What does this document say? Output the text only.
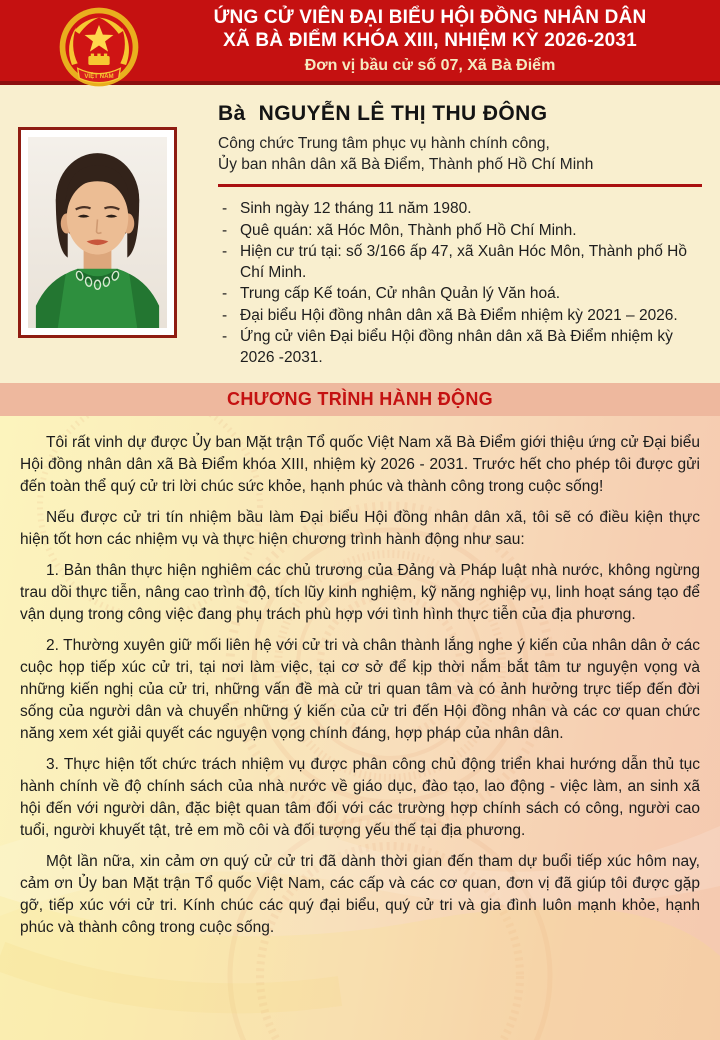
VIỆT NAM
ỨNG CỬ VIÊN ĐẠI BIỂU HỘI ĐỒNG NHÂN DÂN
XÃ BÀ ĐIỂM KHÓA XIII, NHIỆM KỲ 2026-2031
Đơn vị bầu cử số 07, Xã Bà Điểm
Bà NGUYỄN LÊ THỊ THU ĐÔNG
Công chức Trung tâm phục vụ hành chính công,
Ủy ban nhân dân xã Bà Điểm, Thành phố Hồ Chí Minh
- Sinh ngày 12 tháng 11 năm 1980.
- Quê quán: xã Hóc Môn, Thành phố Hồ Chí Minh.
- Hiện cư trú tại: số 3/166 ấp 47, xã Xuân Hóc Môn, Thành phố Hồ Chí Minh.
- Trung cấp Kế toán, Cử nhân Quản lý Văn hoá.
- Đại biểu Hội đồng nhân dân xã Bà Điểm nhiệm kỳ 2021 – 2026.
- Ứng cử viên Đại biểu Hội đồng nhân dân xã Bà Điểm nhiệm kỳ 2026 -2031.
CHƯƠNG TRÌNH HÀNH ĐỘNG

Tôi rất vinh dự được Ủy ban Mặt trận Tổ quốc Việt Nam xã Bà Điểm giới thiệu ứng cử Đại biểu Hội đồng nhân dân xã Bà Điểm khóa XIII, nhiệm kỳ 2026 - 2031. Trước hết cho phép tôi được gửi đến toàn thể quý cử tri lời chúc sức khỏe, hạnh phúc và thành công trong cuộc sống!

Nếu được cử tri tín nhiệm bầu làm Đại biểu Hội đồng nhân dân xã, tôi sẽ có điều kiện thực hiện tốt hơn các nhiệm vụ và thực hiện chương trình hành động như sau:

1. Bản thân thực hiện nghiêm các chủ trương của Đảng và Pháp luật nhà nước, không ngừng trau dồi thực tiễn, nâng cao trình độ, tích lũy kinh nghiệm, kỹ năng nghiệp vụ, linh hoạt sáng tạo để vận dụng trong công việc đang phụ trách phù hợp với tình hình thực tiễn của địa phương.

2. Thường xuyên giữ mối liên hệ với cử tri và chân thành lắng nghe ý kiến của nhân dân ở các cuộc họp tiếp xúc cử tri, tại nơi làm việc, tại cơ sở để kịp thời nắm bắt tâm tư nguyện vọng và những kiến nghị của cử tri, những vấn đề mà cử tri quan tâm và có ảnh hưởng trực tiếp đến đời sống của người dân và chuyển những ý kiến của cử tri đến Hội đồng nhân và các cơ quan chức năng xem xét giải quyết các nguyện vọng chính đáng, hợp pháp của nhân dân.

3. Thực hiện tốt chức trách nhiệm vụ được phân công chủ động triển khai hướng dẫn thủ tục hành chính về độ chính sách của nhà nước về giáo dục, đào tạo, lao động - việc làm, an sinh xã hội đến với người dân, đặc biệt quan tâm đối với các trường hợp chính sách có công, người cao tuổi, người khuyết tật, trẻ em mồ côi và đối tượng yếu thế tại địa phương.

Một lần nữa, xin cảm ơn quý cử cử tri đã dành thời gian đến tham dự buổi tiếp xúc hôm nay, cảm ơn Ủy ban Mặt trận Tổ quốc Việt Nam, các cấp và các cơ quan, đơn vị đã giúp tôi được gặp gỡ, tiếp xúc với cử tri. Kính chúc các quý đại biểu, quý cử tri và gia đình luôn mạnh khỏe, hạnh phúc và thành công trong cuộc sống.
